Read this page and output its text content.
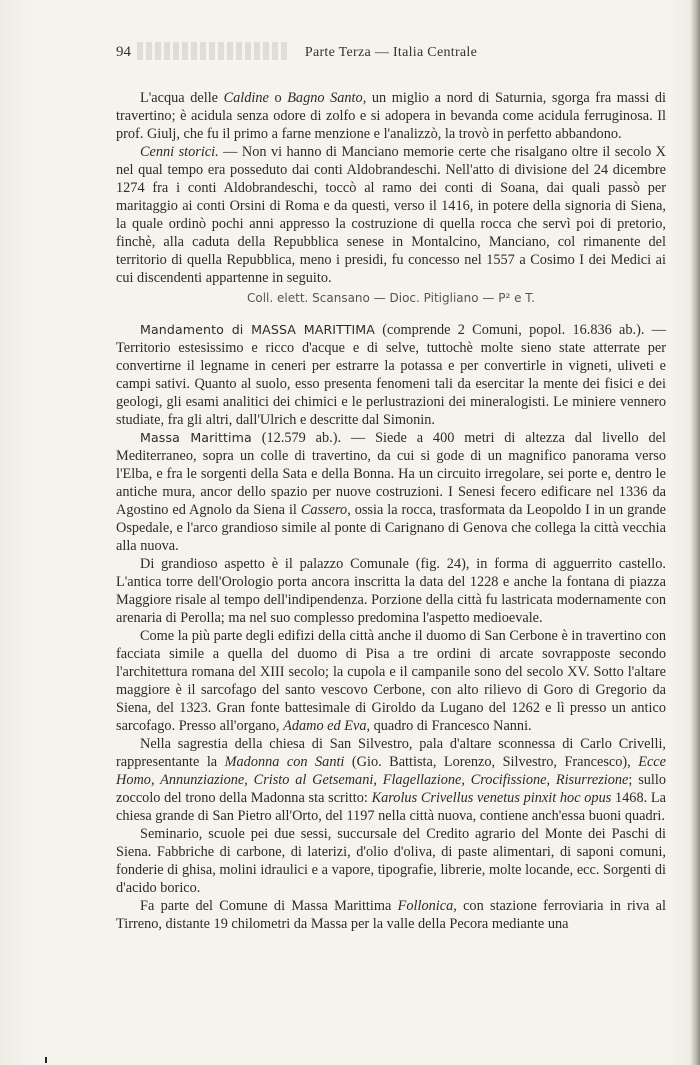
94	Parte Terza — Italia Centrale

L'acqua delle Caldine o Bagno Santo, un miglio a nord di Saturnia, sgorga fra massi di travertino; è acidula senza odore di zolfo e si adopera in bevanda come acidula ferruginosa. Il prof. Giulj, che fu il primo a farne menzione e l'analizzò, la trovò in perfetto abbandono.

Cenni storici. — Non vi hanno di Manciano memorie certe che risalgano oltre il secolo X nel qual tempo era posseduto dai conti Aldobrandeschi. Nell'atto di divisione del 24 dicembre 1274 fra i conti Aldobrandeschi, toccò al ramo dei conti di Soana, dai quali passò per maritaggio ai conti Orsini di Roma e da questi, verso il 1416, in potere della signoria di Siena, la quale ordinò pochi anni appresso la costruzione di quella rocca che servì poi di pretorio, finchè, alla caduta della Repubblica senese in Montalcino, Manciano, col rimanente del territorio di quella Repubblica, meno i presidi, fu concesso nel 1557 a Cosimo I dei Medici ai cui discendenti appartenne in seguito.

Coll. elett. Scansano — Dioc. Pitigliano — P² e T.

Mandamento di MASSA MARITTIMA (comprende 2 Comuni, popol. 16.836 ab.). — Territorio estesissimo e ricco d'acque e di selve, tuttochè molte sieno state atterrate per convertirne il legname in ceneri per estrarre la potassa e per convertirle in vigneti, uliveti e campi sativi. Quanto al suolo, esso presenta fenomeni tali da esercitar la mente dei fisici e dei geologi, gli esami analitici dei chimici e le perlustrazioni dei mineralogisti. Le miniere vennero studiate, fra gli altri, dall'Ulrich e descritte dal Simonin.

Massa Marittima (12.579 ab.). — Siede a 400 metri di altezza dal livello del Mediterraneo, sopra un colle di travertino, da cui si gode di un magnifico panorama verso l'Elba, e fra le sorgenti della Sata e della Bonna. Ha un circuito irregolare, sei porte e, dentro le antiche mura, ancor dello spazio per nuove costruzioni. I Senesi fecero edificare nel 1336 da Agostino ed Agnolo da Siena il Cassero, ossia la rocca, trasformata da Leopoldo I in un grande Ospedale, e l'arco grandioso simile al ponte di Carignano di Genova che collega la città vecchia alla nuova.

Di grandioso aspetto è il palazzo Comunale (fig. 24), in forma di agguerrito castello. L'antica torre dell'Orologio porta ancora inscritta la data del 1228 e anche la fontana di piazza Maggiore risale al tempo dell'indipendenza. Porzione della città fu lastricata modernamente con arenaria di Perolla; ma nel suo complesso predomina l'aspetto medioevale.

Come la più parte degli edifizi della città anche il duomo di San Cerbone è in travertino con facciata simile a quella del duomo di Pisa a tre ordini di arcate sovrapposte secondo l'architettura romana del XIII secolo; la cupola e il campanile sono del secolo XV. Sotto l'altare maggiore è il sarcofago del santo vescovo Cerbone, con alto rilievo di Goro di Gregorio da Siena, del 1323. Gran fonte battesimale di Giroldo da Lugano del 1262 e lì presso un antico sarcofago. Presso all'organo, Adamo ed Eva, quadro di Francesco Nanni.

Nella sagrestia della chiesa di San Silvestro, pala d'altare sconnessa di Carlo Crivelli, rappresentante la Madonna con Santi (Gio. Battista, Lorenzo, Silvestro, Francesco), Ecce Homo, Annunziazione, Cristo al Getsemani, Flagellazione, Crocifissione, Risurrezione; sullo zoccolo del trono della Madonna sta scritto: Karolus Crivellus venetus pinxit hoc opus 1468. La chiesa grande di San Pietro all'Orto, del 1197 nella città nuova, contiene anch'essa buoni quadri.

Seminario, scuole pei due sessi, succursale del Credito agrario del Monte dei Paschi di Siena. Fabbriche di carbone, di laterizi, d'olio d'oliva, di paste alimentari, di saponi comuni, fonderie di ghisa, molini idraulici e a vapore, tipografie, librerie, molte locande, ecc. Sorgenti di d'acido borico.

Fa parte del Comune di Massa Marittima Follonica, con stazione ferroviaria in riva al Tirreno, distante 19 chilometri da Massa per la valle della Pecora mediante una
